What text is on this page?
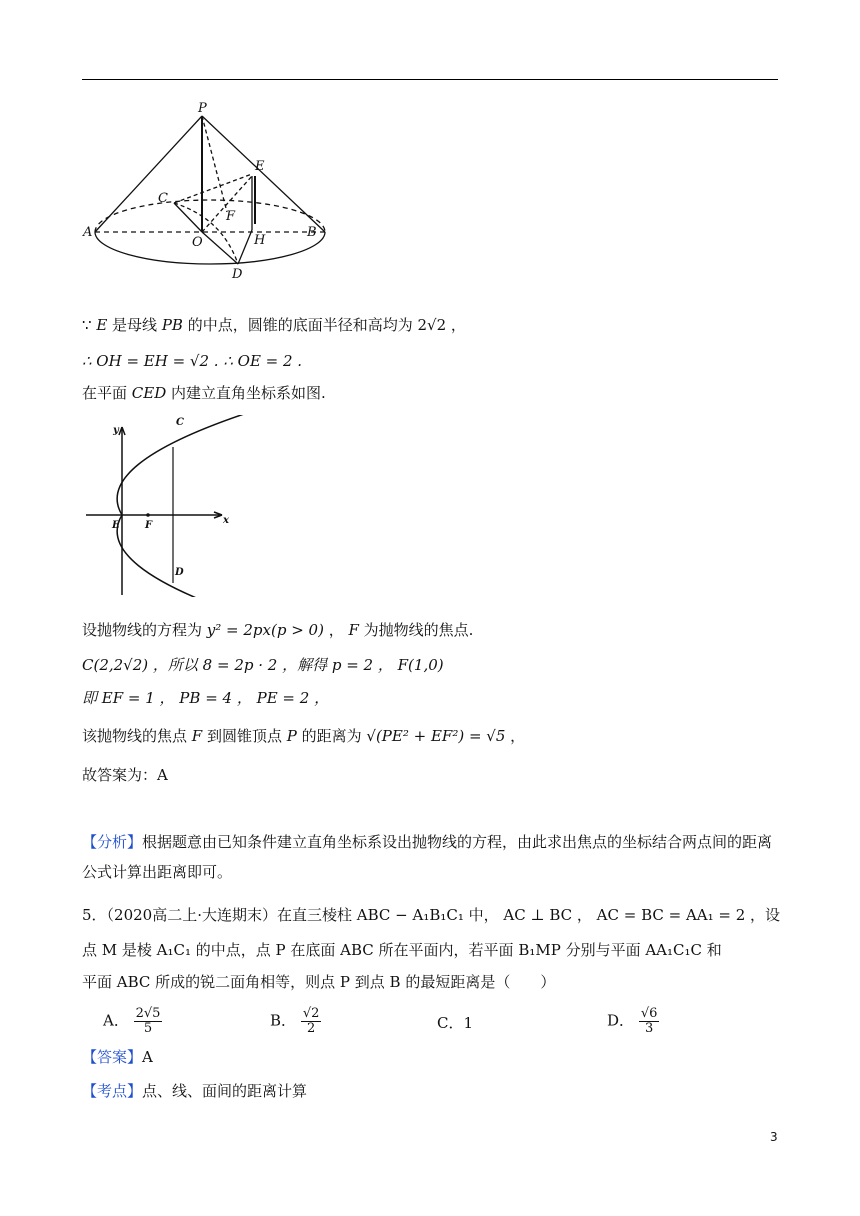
P
E
C
F
A
O	H
B
D
∵ E 是母线 PB 的中点，圆锥的底面半径和高均为 2√2 ，
∴ OH = EH = √2 . ∴ OE = 2 .
在平面 CED 内建立直角坐标系如图.
y
C
E	F	x
D
设抛物线的方程为 y² = 2px(p > 0) ， F 为抛物线的焦点.
C(2,2√2) ，所以 8 = 2p · 2 ，解得 p = 2 ， F(1,0)
即 EF = 1 ， PB = 4 ， PE = 2 ，
该抛物线的焦点 F 到圆锥顶点 P 的距离为 √(PE² + EF²) = √5 ，
故答案为：A
【分析】根据题意由已知条件建立直角坐标系设出抛物线的方程，由此求出焦点的坐标结合两点间的距离公式计算出距离即可。
5．（2020高二上·大连期末）在直三棱柱 ABC − A₁B₁C₁ 中， AC ⊥ BC ， AC = BC = AA₁ = 2 ，设
点 M 是棱 A₁C₁ 的中点，点 P 在底面 ABC 所在平面内，若平面 B₁MP 分别与平面 AA₁C₁C 和
平面 ABC 所成的锐二面角相等，则点 P 到点 B 的最短距离是（　　）
A． $\frac{2√5}{5}$	B． $\frac{√2}{2}$	C．1	D． $\frac{√6}{3}$
【答案】A
【考点】点、线、面间的距离计算
3
